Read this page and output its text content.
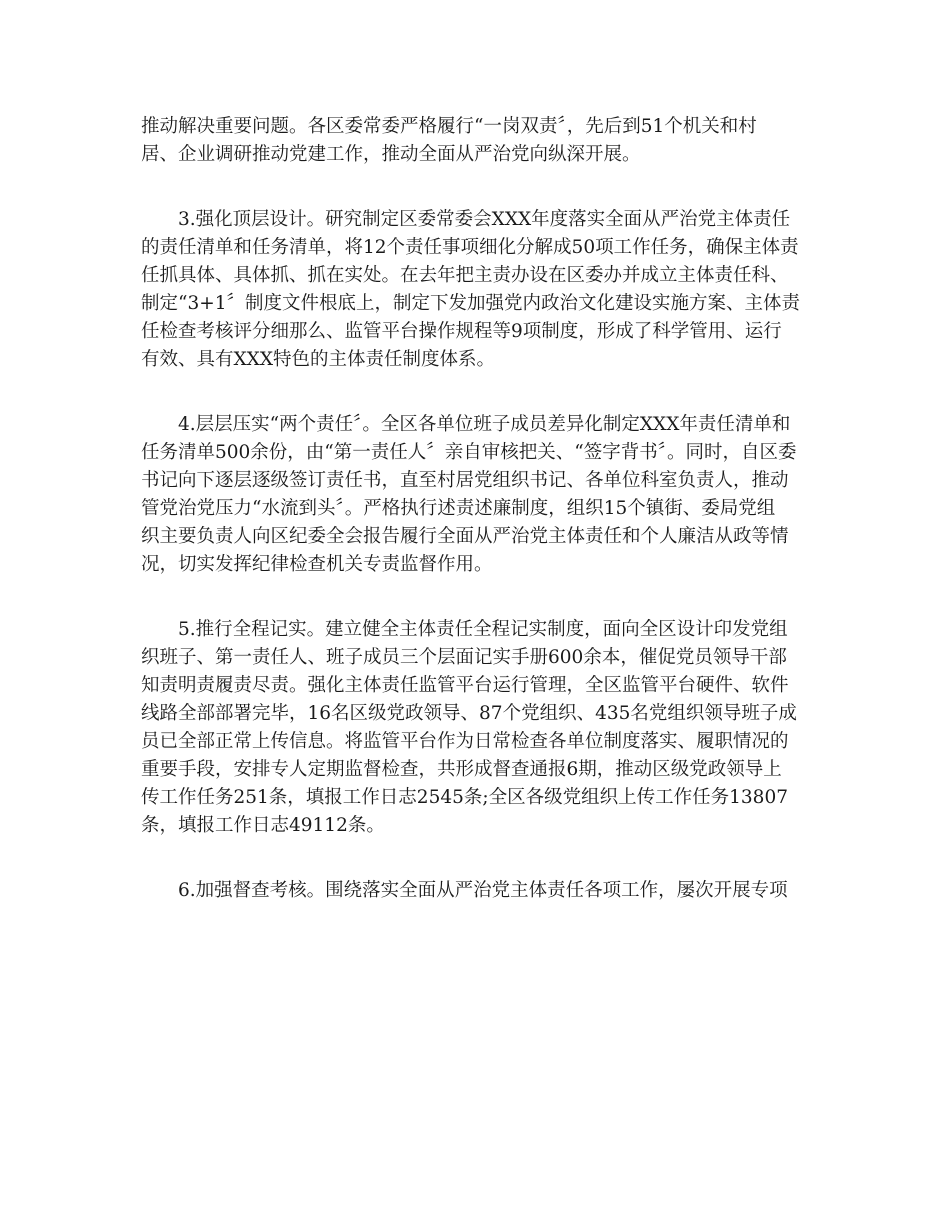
推动解决重要问题。各区委常委严格履行“一岗双责〞，先后到51个机关和村
居、企业调研推动党建工作，推动全面从严治党向纵深开展。
3.强化顶层设计。研究制定区委常委会XXX年度落实全面从严治党主体责任
的责任清单和任务清单，将12个责任事项细化分解成50项工作任务，确保主体责
任抓具体、具体抓、抓在实处。在去年把主责办设在区委办并成立主体责任科、
制定“3+1〞制度文件根底上，制定下发加强党内政治文化建设实施方案、主体责
任检查考核评分细那么、监管平台操作规程等9项制度，形成了科学管用、运行
有效、具有XXX特色的主体责任制度体系。
4.层层压实“两个责任〞。全区各单位班子成员差异化制定XXX年责任清单和
任务清单500余份，由“第一责任人〞亲自审核把关、“签字背书〞。同时，自区委
书记向下逐层逐级签订责任书，直至村居党组织书记、各单位科室负责人，推动
管党治党压力“水流到头〞。严格执行述责述廉制度，组织15个镇街、委局党组
织主要负责人向区纪委全会报告履行全面从严治党主体责任和个人廉洁从政等情
况，切实发挥纪律检查机关专责监督作用。
5.推行全程记实。建立健全主体责任全程记实制度，面向全区设计印发党组
织班子、第一责任人、班子成员三个层面记实手册600余本，催促党员领导干部
知责明责履责尽责。强化主体责任监管平台运行管理，全区监管平台硬件、软件
线路全部部署完毕，16名区级党政领导、87个党组织、435名党组织领导班子成
员已全部正常上传信息。将监管平台作为日常检查各单位制度落实、履职情况的
重要手段，安排专人定期监督检查，共形成督查通报6期，推动区级党政领导上
传工作任务251条，填报工作日志2545条;全区各级党组织上传工作任务13807
条，填报工作日志49112条。
6.加强督查考核。围绕落实全面从严治党主体责任各项工作，屡次开展专项
